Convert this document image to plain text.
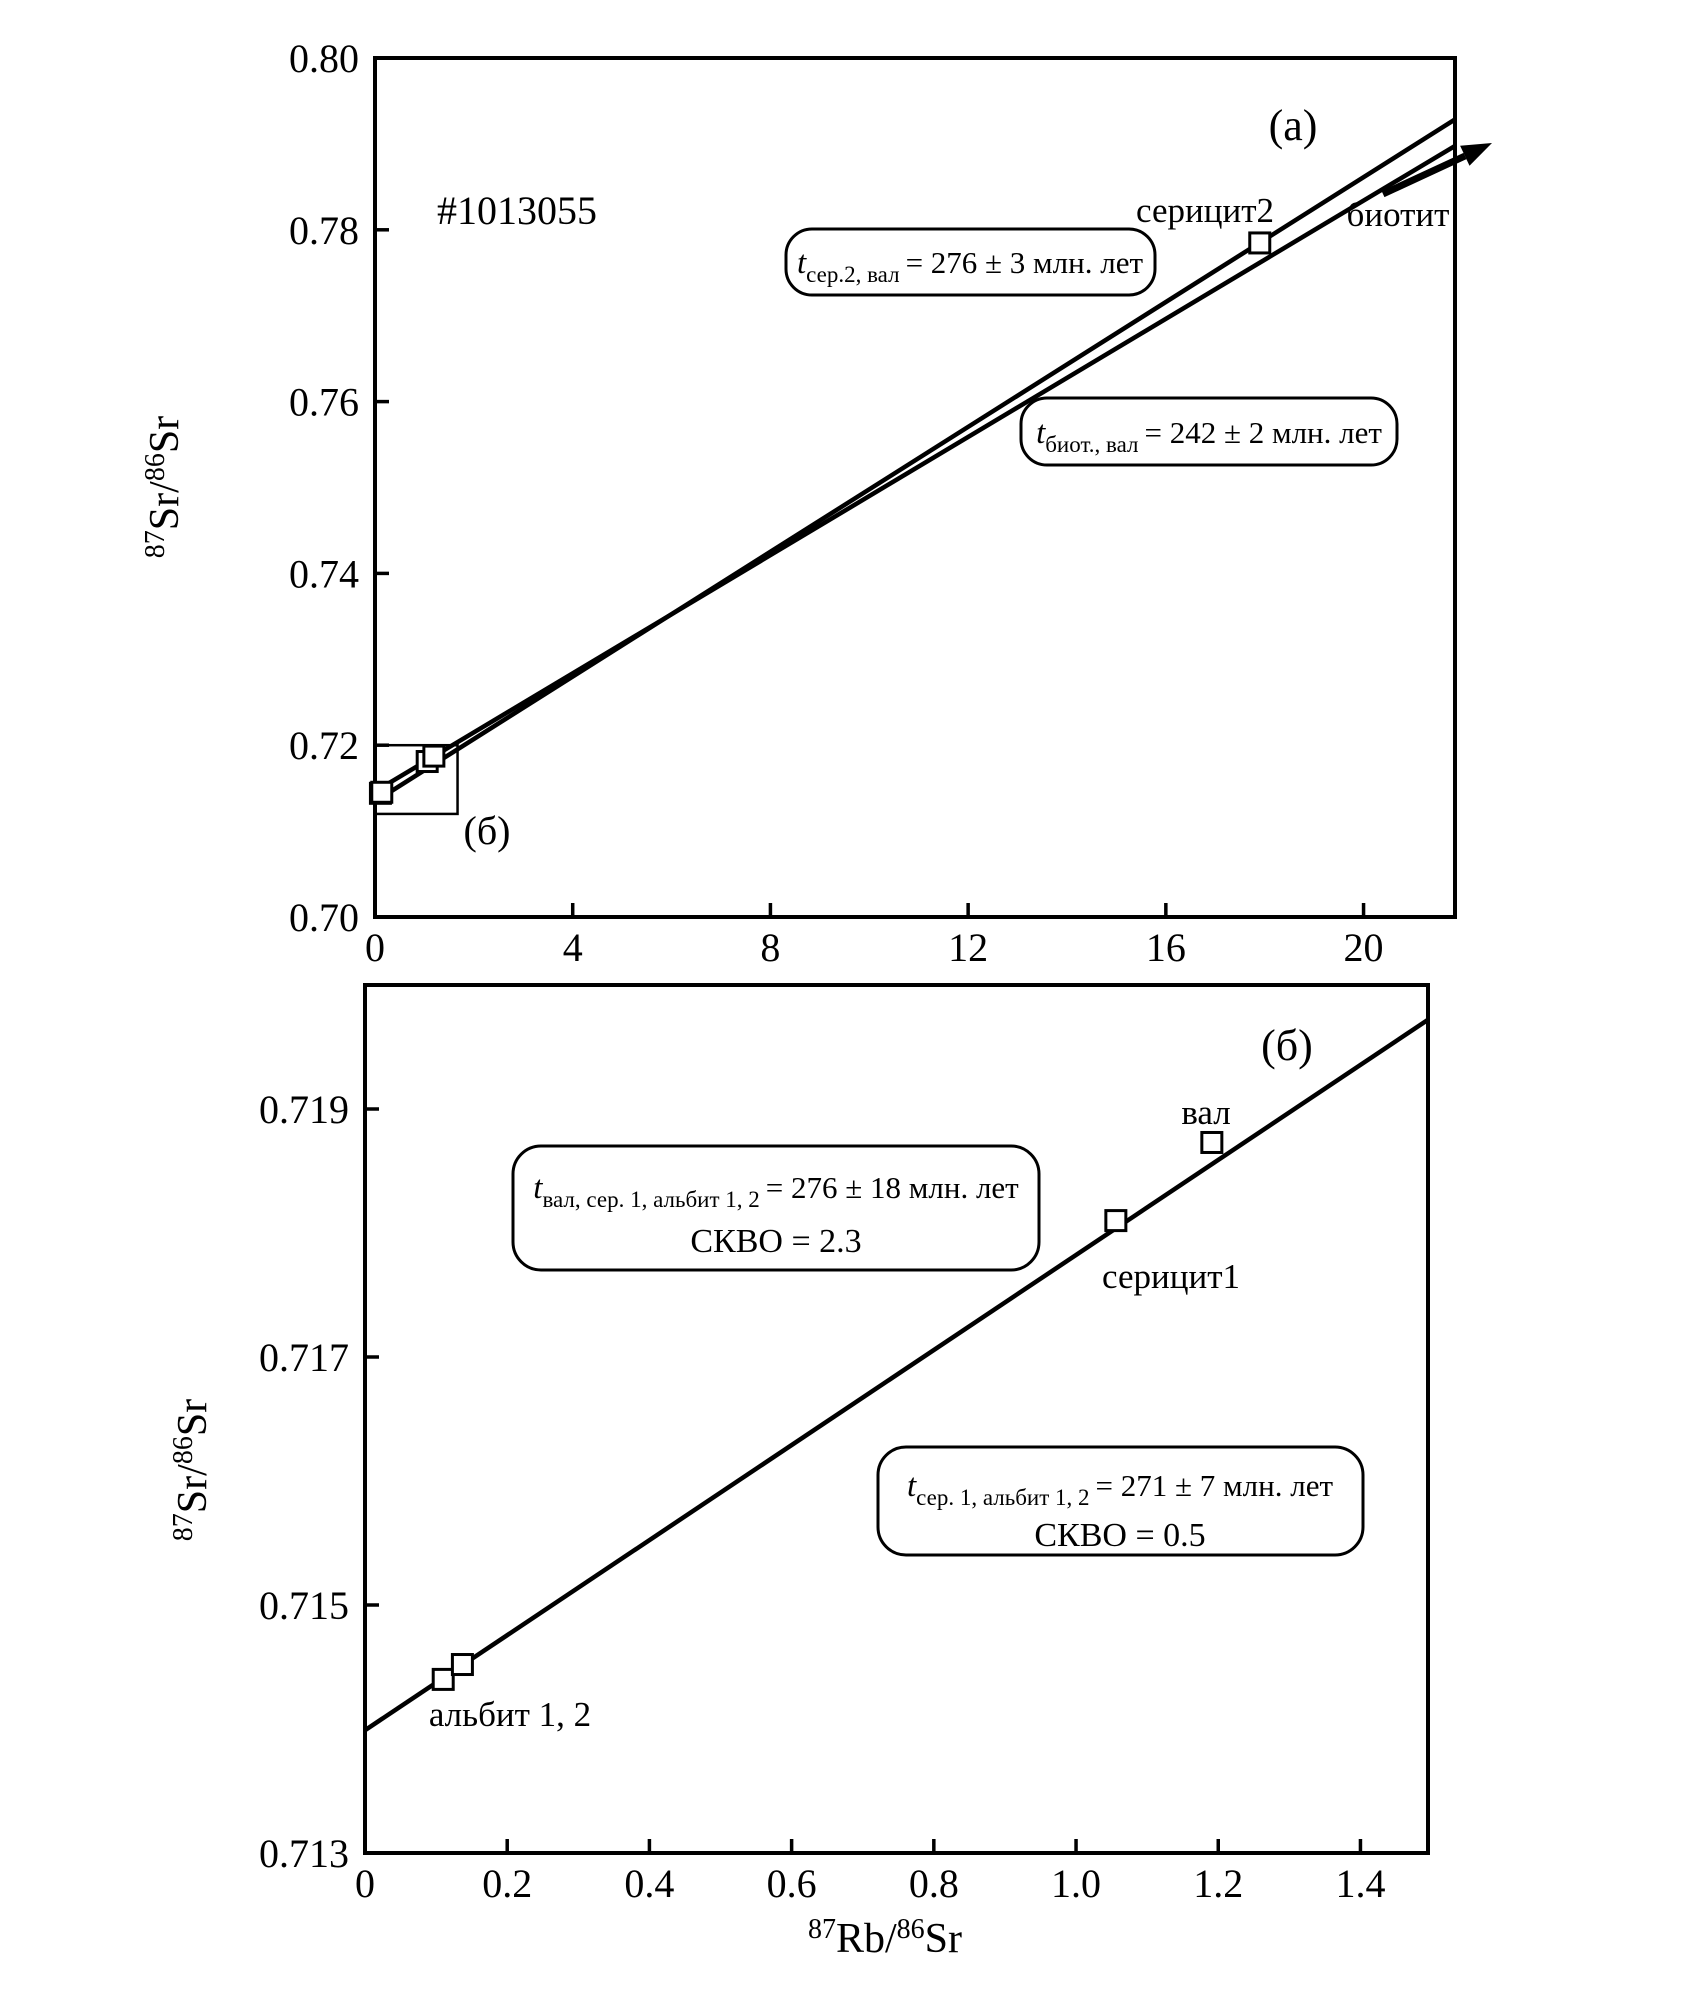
0	4	8	12	16	20
0.70
0.72
0.74
0.76
0.78
0.80
#1013055
(а)
серицит2 биотит
(б)
tсер.2, вал = 276 ± 3 млн. лет
tбиот., вал = 242 ± 2 млн. лет
87Sr/86Sr
0	0.2 0.4 0.6 0.8 1.0 1.2 1.4
0.713
0.715
0.717
0.719
(б)
вал
серицит1
альбит 1, 2
tвал, сер. 1, альбит 1, 2 = 276 ± 18 млн. лет
СКВО = 2.3
tсер. 1, альбит 1, 2 = 271 ± 7 млн. лет
СКВО = 0.5
87Sr/86Sr
87Rb/86Sr
